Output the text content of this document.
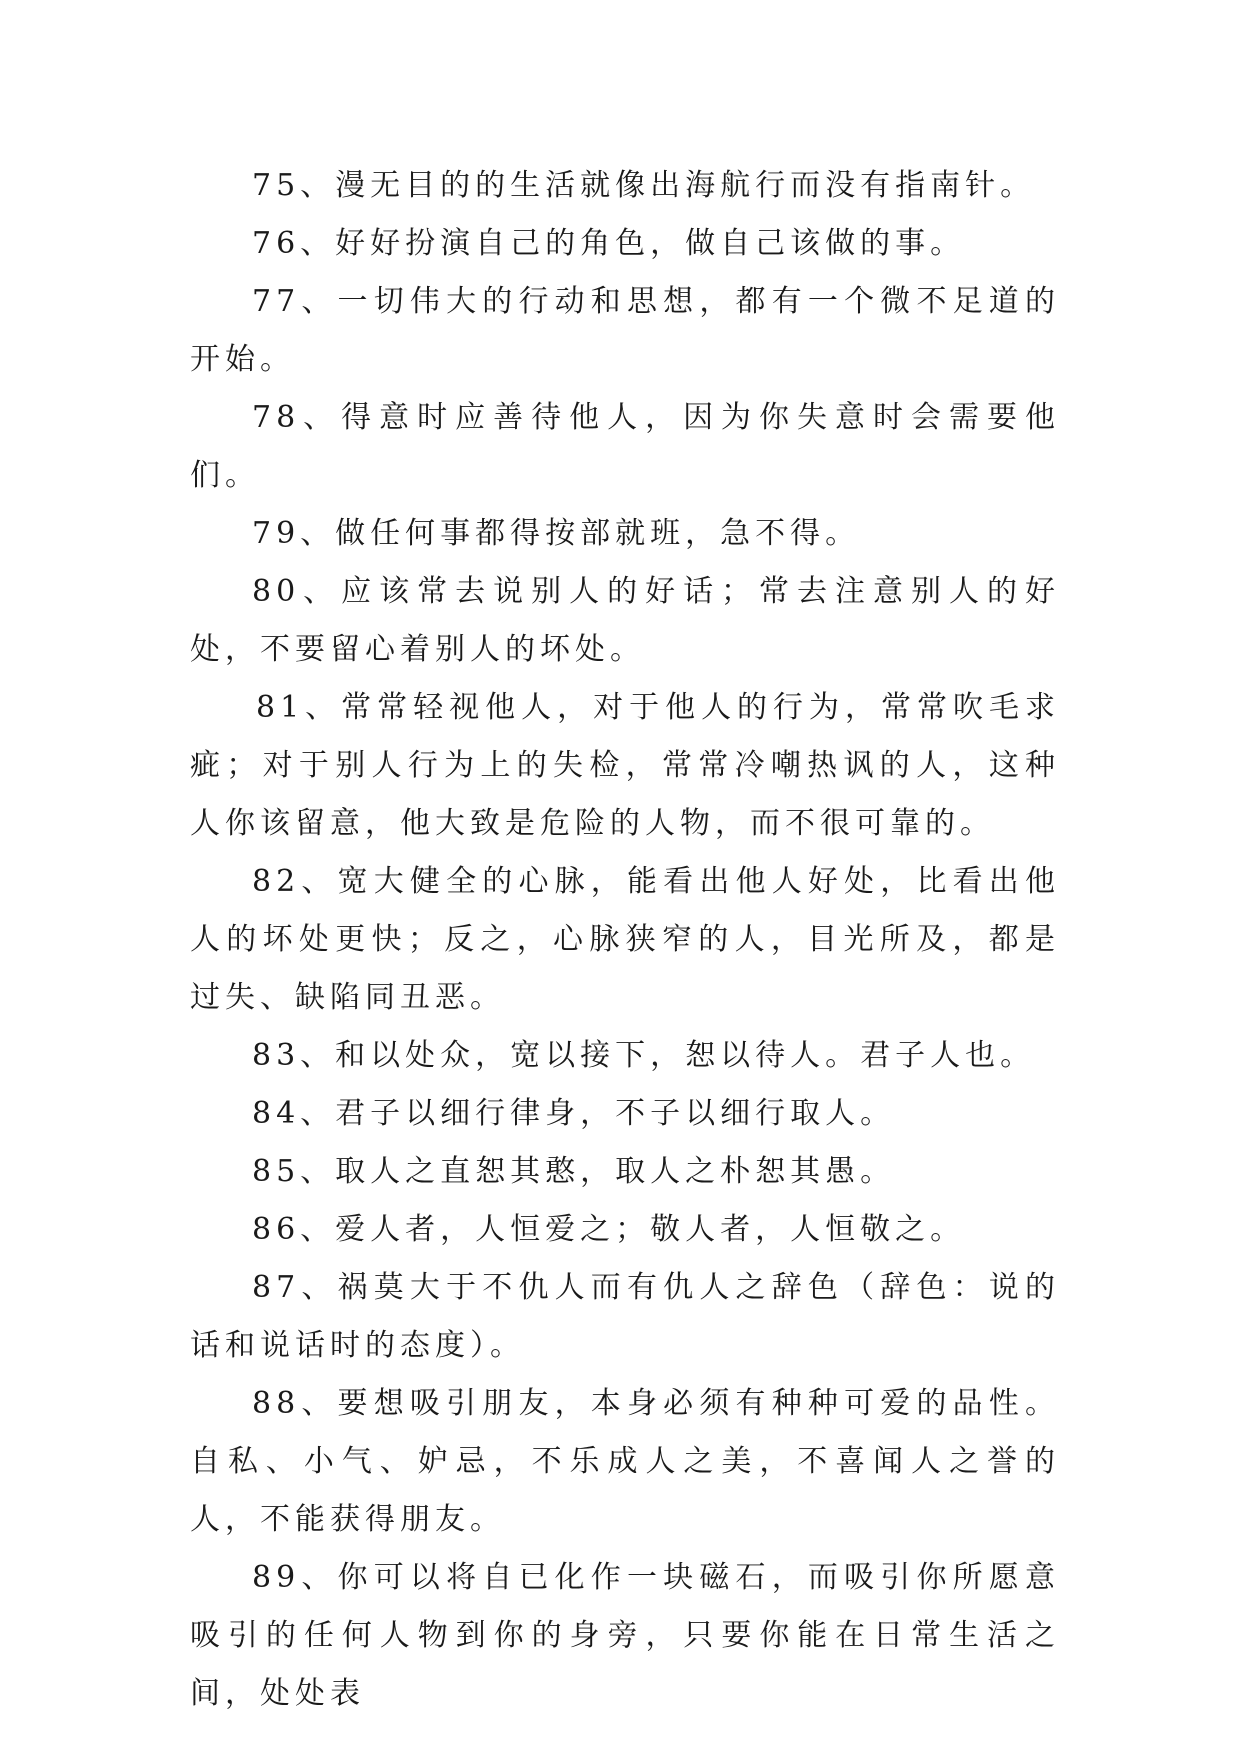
75、漫无目的的生活就像出海航行而没有指南针。

76、好好扮演自己的角色，做自己该做的事。

77、一切伟大的行动和思想，都有一个微不足道的开始。

78、得意时应善待他人，因为你失意时会需要他们。

79、做任何事都得按部就班，急不得。

80、应该常去说别人的好话；常去注意别人的好处，不要留心着别人的坏处。

81、常常轻视他人，对于他人的行为，常常吹毛求疵；对于别人行为上的失检，常常冷嘲热讽的人，这种人你该留意，他大致是危险的人物，而不很可靠的。

82、宽大健全的心脉，能看出他人好处，比看出他人的坏处更快；反之，心脉狭窄的人，目光所及，都是过失、缺陷同丑恶。

83、和以处众，宽以接下，恕以待人。君子人也。

84、君子以细行律身，不子以细行取人。

85、取人之直恕其憨，取人之朴恕其愚。

86、爱人者，人恒爱之；敬人者，人恒敬之。

87、祸莫大于不仇人而有仇人之辞色（辞色：说的话和说话时的态度）。

88、要想吸引朋友，本身必须有种种可爱的品性。自私、小气、妒忌，不乐成人之美，不喜闻人之誉的人，不能获得朋友。

89、你可以将自已化作一块磁石，而吸引你所愿意吸引的任何人物到你的身旁，只要你能在日常生活之间，处处表
